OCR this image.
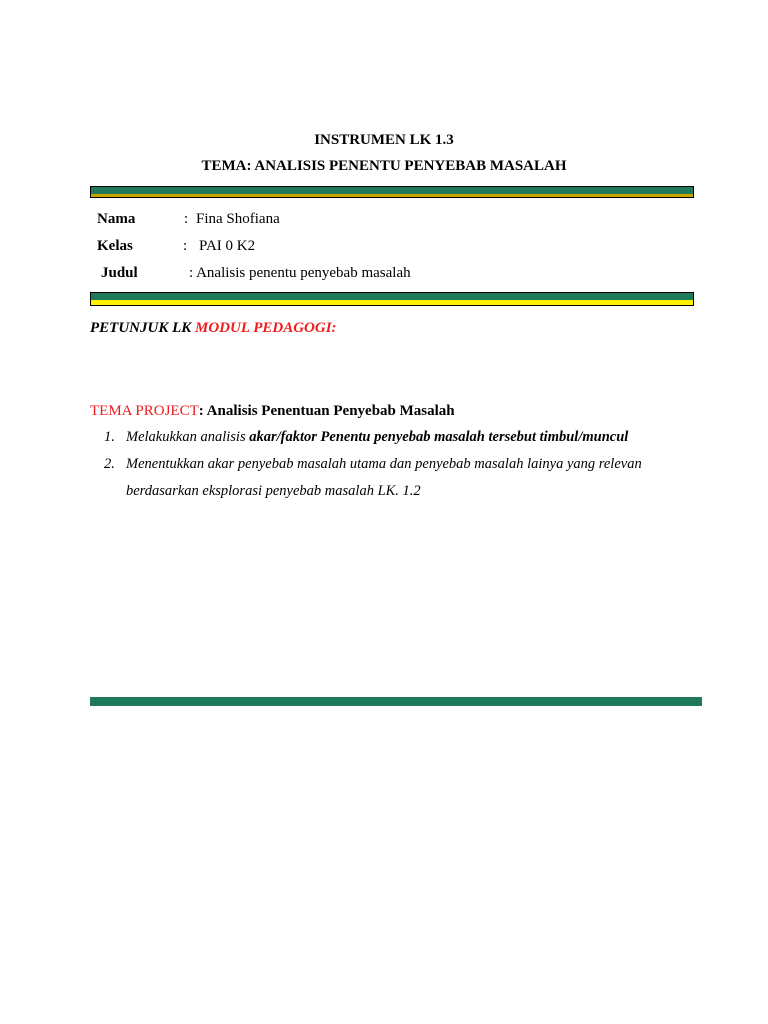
INSTRUMEN LK 1.3
TEMA: ANALISIS PENENTU PENYEBAB MASALAH
Nama	: Fina Shofiana
Kelas	: PAI 0 K2
Judul	: Analisis penentu penyebab masalah
PETUNJUK LK MODUL PEDAGOGI:
TEMA PROJECT: Analisis Penentuan Penyebab Masalah
1. Melakukkan analisis akar/faktor Penentu penyebab masalah tersebut timbul/muncul
2. Menentukkan akar penyebab masalah utama dan penyebab masalah lainya yang relevan
berdasarkan eksplorasi penyebab masalah LK. 1.2
